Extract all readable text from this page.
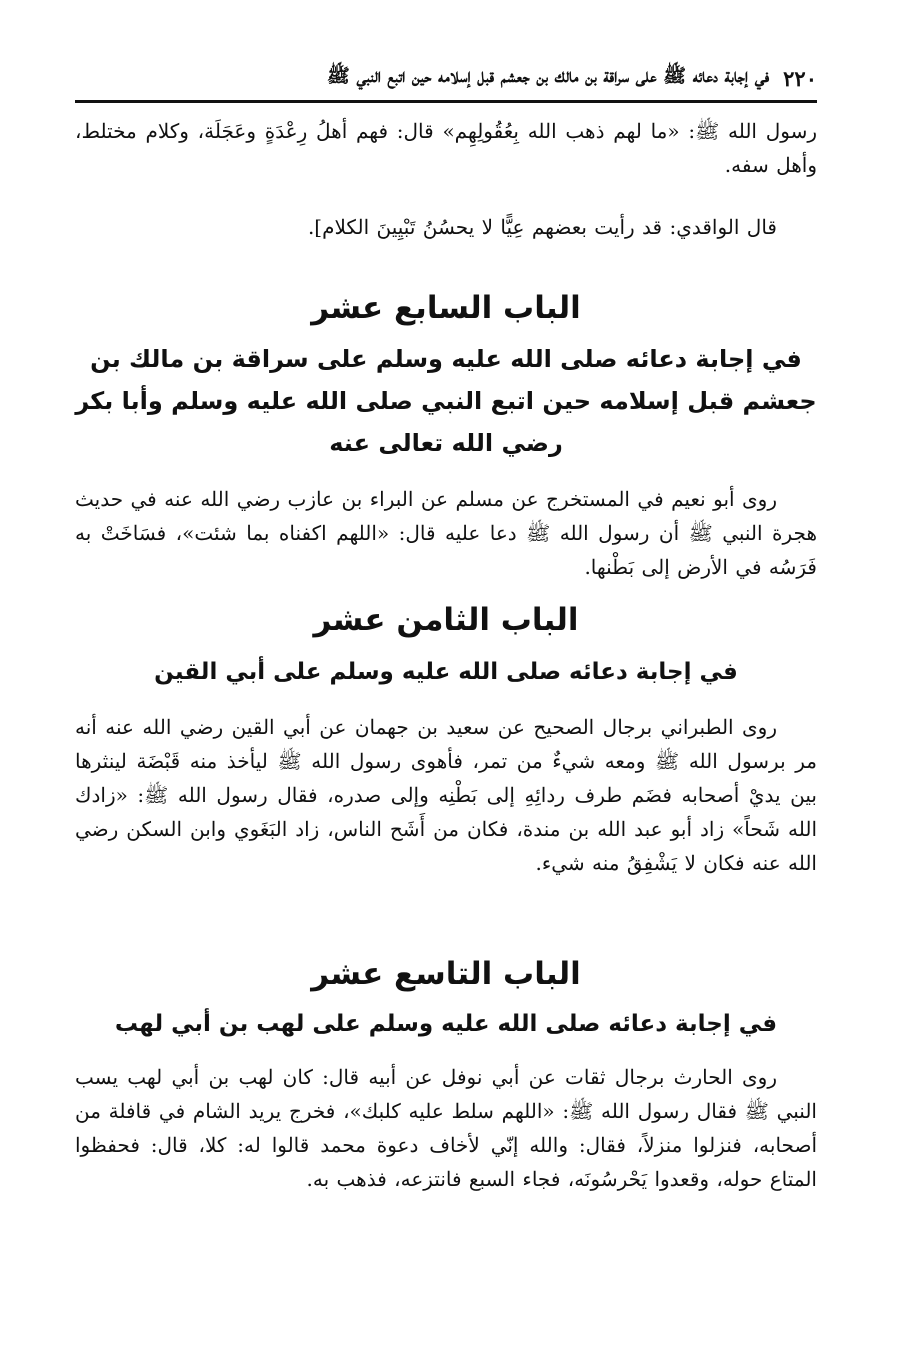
٢٢٠
في إجابة دعائه ﷺ على سراقة بن مالك بن جعشم قبل إسلامه حين اتبع النبي ﷺ

رسول الله ﷺ: «ما لهم ذهب الله بِعُقُولِهِم» قال: فهم أهلُ رِعْدَةٍ وعَجَلَة، وكلام مختلط، وأهل سفه.

قال الواقدي: قد رأيت بعضهم عِيًّا لا يحسُنُ تَبْيِينَ الكلام].

الباب السابع عشر
في إجابة دعائه صلى الله عليه وسلم على سراقة بن مالك بن جعشم قبل إسلامه حين اتبع النبي صلى الله عليه وسلم وأبا بكر رضي الله تعالى عنه

روى أبو نعيم في المستخرج عن مسلم عن البراء بن عازب رضي الله عنه في حديث هجرة النبي ﷺ أن رسول الله ﷺ دعا عليه قال: «اللهم اكفناه بما شئت»، فسَاخَتْ به فَرَسُه في الأرض إلى بَطْنها.

الباب الثامن عشر
في إجابة دعائه صلى الله عليه وسلم على أبي القين

روى الطبراني برجال الصحيح عن سعيد بن جهمان عن أبي القين رضي الله عنه أنه مر برسول الله ﷺ ومعه شيءٌ من تمر، فأهوى رسول الله ﷺ ليأخذ منه قَبْضَة لينثرها بين يديْ أصحابه فضَم طرف ردائِهِ إلى بَطْنِه وإلى صدره، فقال رسول الله ﷺ: «زادك الله شَحاً» زاد أبو عبد الله بن مندة، فكان من أَشَح الناس، زاد البَغَوي وابن السكن رضي الله عنه فكان لا يَشْفِقُ منه شيء.

الباب التاسع عشر
في إجابة دعائه صلى الله عليه وسلم على لهب بن أبي لهب

روى الحارث برجال ثقات عن أبي نوفل عن أبيه قال: كان لهب بن أبي لهب يسب النبي ﷺ فقال رسول الله ﷺ: «اللهم سلط عليه كلبك»، فخرج يريد الشام في قافلة من أصحابه، فنزلوا منزلاً، فقال: والله إنّي لأخاف دعوة محمد قالوا له: كلا، قال: فحفظوا المتاع حوله، وقعدوا يَحْرسُونَه، فجاء السبع فانتزعه، فذهب به.
